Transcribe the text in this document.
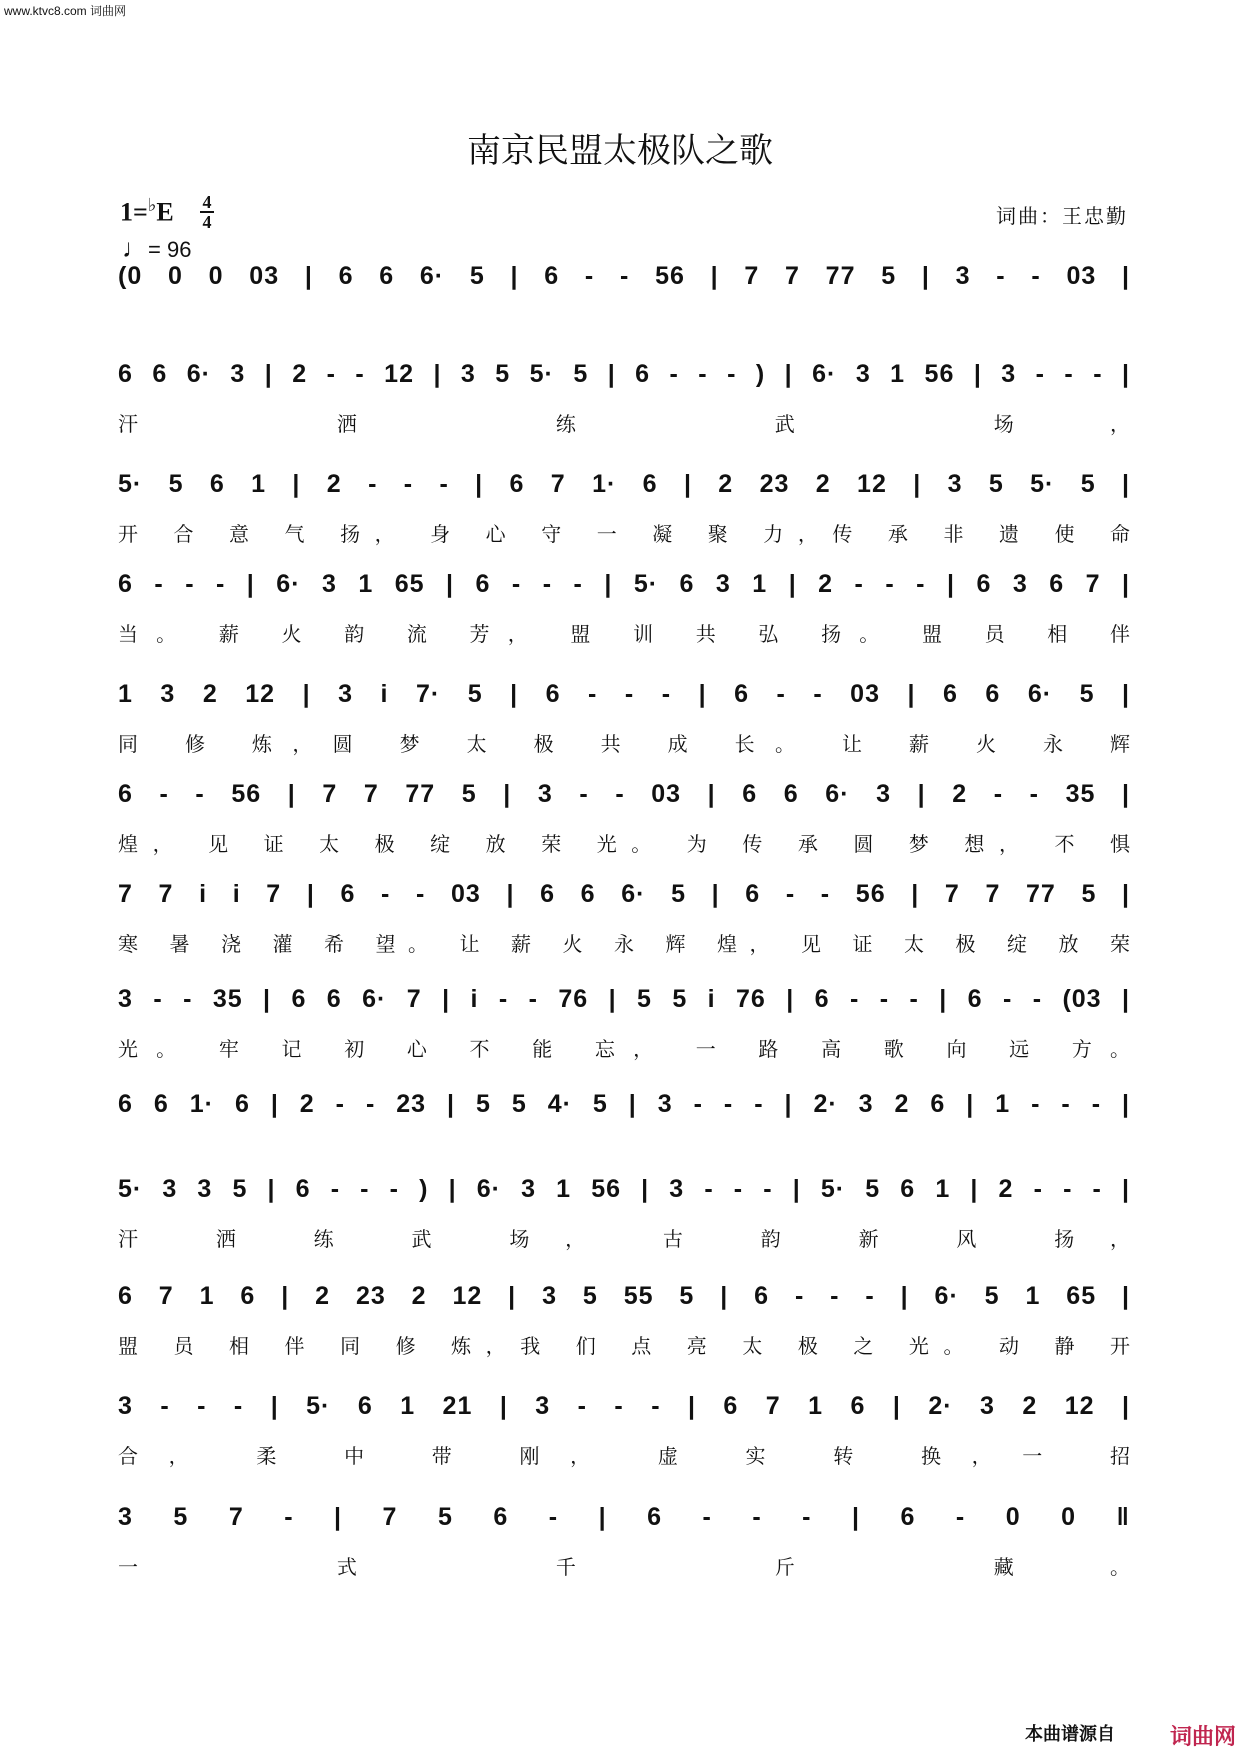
www.ktvc8.com 词曲网
南京民盟太极队之歌
1=♭E 4
4
♩= 96
词曲：王忠勤
(0 0 0 03 | 6 6 6· 5 | 6 - - 56 | 7 7 77 5 | 3 - - 03 |
6 6 6· 3 | 2 - - 12 | 3 5 5· 5 | 6 - - - ) | 6· 3 1 56 | 3 - - - |
汗 洒 练 武 场，
5· 5 6 1 | 2 - - - | 6 7 1· 6 | 2 23 2 12 | 3 5 5· 5 |
开 合 意 气 扬， 身 心 守 一 凝 聚 力，传 承 非 遗 使 命
6 - - - | 6· 3 1 65 | 6 - - - | 5· 6 3 1 | 2 - - - | 6 3 6 7 |
当。 薪 火 韵 流 芳， 盟 训 共 弘 扬。 盟 员 相 伴
1 3 2 12 | 3 i 7· 5 | 6 - - - | 6 - - 03 | 6 6 6· 5 |
同 修 炼，圆 梦 太 极 共 成 长。 让 薪 火 永 辉
6 - - 56 | 7 7 77 5 | 3 - - 03 | 6 6 6· 3 | 2 - - 35 |
煌， 见 证 太 极 绽 放 荣 光。 为 传 承 圆 梦 想， 不 惧
7 7 i i 7 | 6 - - 03 | 6 6 6· 5 | 6 - - 56 | 7 7 77 5 |
寒 暑 浇 灌 希 望。 让 薪 火 永 辉 煌， 见 证 太 极 绽 放 荣
3 - - 35 | 6 6 6· 7 | i - - 76 | 5 5 i 76 | 6 - - - | 6 - - (03 |
光。 牢 记 初 心 不 能 忘， 一 路 高 歌 向 远 方。
6 6 1· 6 | 2 - - 23 | 5 5 4· 5 | 3 - - - | 2· 3 2 6 | 1 - - - |
5· 3 3 5 | 6 - - - ) | 6· 3 1 56 | 3 - - - | 5· 5 6 1 | 2 - - - |
汗 洒 练 武 场， 古 韵 新 风 扬，
6 7 1 6 | 2 23 2 12 | 3 5 55 5 | 6 - - - | 6· 5 1 65 |
盟 员 相 伴 同 修 炼，我 们 点 亮 太 极 之 光。 动 静 开
3 - - - | 5· 6 1 21 | 3 - - - | 6 7 1 6 | 2· 3 2 12 |
合， 柔 中 带 刚， 虚 实 转 换，一 招
3 5 7 - | 7 5 6 - | 6 - - - | 6 - 0 0 ‖
一 式 千 斤 藏。
本曲谱源自	词曲网
